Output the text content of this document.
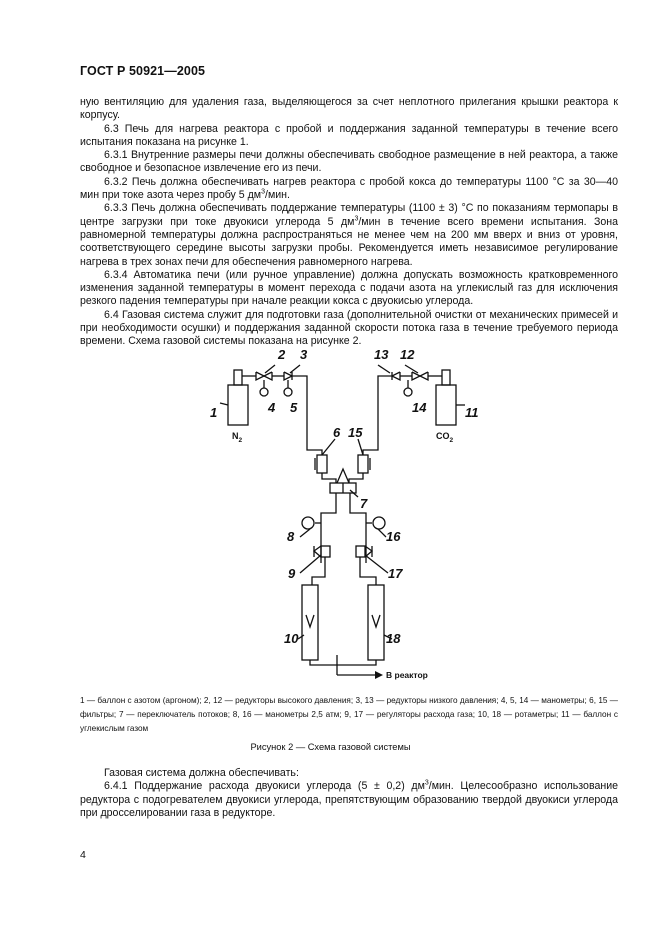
ГОСТ Р 50921—2005

ную вентиляцию для удаления газа, выделяющегося за счет неплотного прилегания крышки реактора к корпусу.

6.3 Печь для нагрева реактора с пробой и поддержания заданной температуры в течение всего испытания показана на рисунке 1.

6.3.1 Внутренние размеры печи должны обеспечивать свободное размещение в ней реактора, а также свободное и безопасное извлечение его из печи.

6.3.2 Печь должна обеспечивать нагрев реактора с пробой кокса до температуры 1100 °С за 30—40 мин при токе азота через пробу 5 $дм^3$/мин.

6.3.3 Печь должна обеспечивать поддержание температуры (1100 ± 3) °С по показаниям термопары в центре загрузки при токе двуокиси углерода 5 $дм^3$/мин в течение всего времени испытания. Зона равномерной температуры должна распространяться не менее чем на 200 мм вверх и вниз от уровня, соответствующего середине высоты загрузки пробы. Рекомендуется иметь независимое регулирование нагрева в трех зонах печи для обеспечения равномерного нагрева.

6.3.4 Автоматика печи (или ручное управление) должна допускать возможность кратковременного изменения заданной температуры в момент перехода с подачи азота на углекислый газ для исключения резкого падения температуры при начале реакции кокса с двуокисью углерода.

6.4 Газовая система служит для подготовки газа (дополнительной очистки от механических примесей и при необходимости осушки) и поддержания заданной скорости потока газа в течение требуемого периода времени. Схема газовой системы показана на рисунке 2.

1
2 3
4 5
6
7
8
9
10
11
12
13
14
15
16
17
18
$N_2$	$CO_2$
В реактор
1 — баллон с азотом (аргоном); 2, 12 — редукторы высокого давления; 3, 13 — редукторы низкого давления; 4, 5, 14 — манометры; 6, 15 — фильтры; 7 — переключатель потоков; 8, 16 — манометры 2,5 атм; 9, 17 — регуляторы расхода газа; 10, 18 — ротаметры; 11 — баллон с углекислым газом
Рисунок 2 — Схема газовой системы

Газовая система должна обеспечивать:

6.4.1 Поддержание расхода двуокиси углерода (5 ± 0,2) $дм^3$/мин. Целесообразно использование редуктора с подогревателем двуокиси углерода, препятствующим образованию твердой двуокиси углерода при дросселировании газа в редукторе.

4
